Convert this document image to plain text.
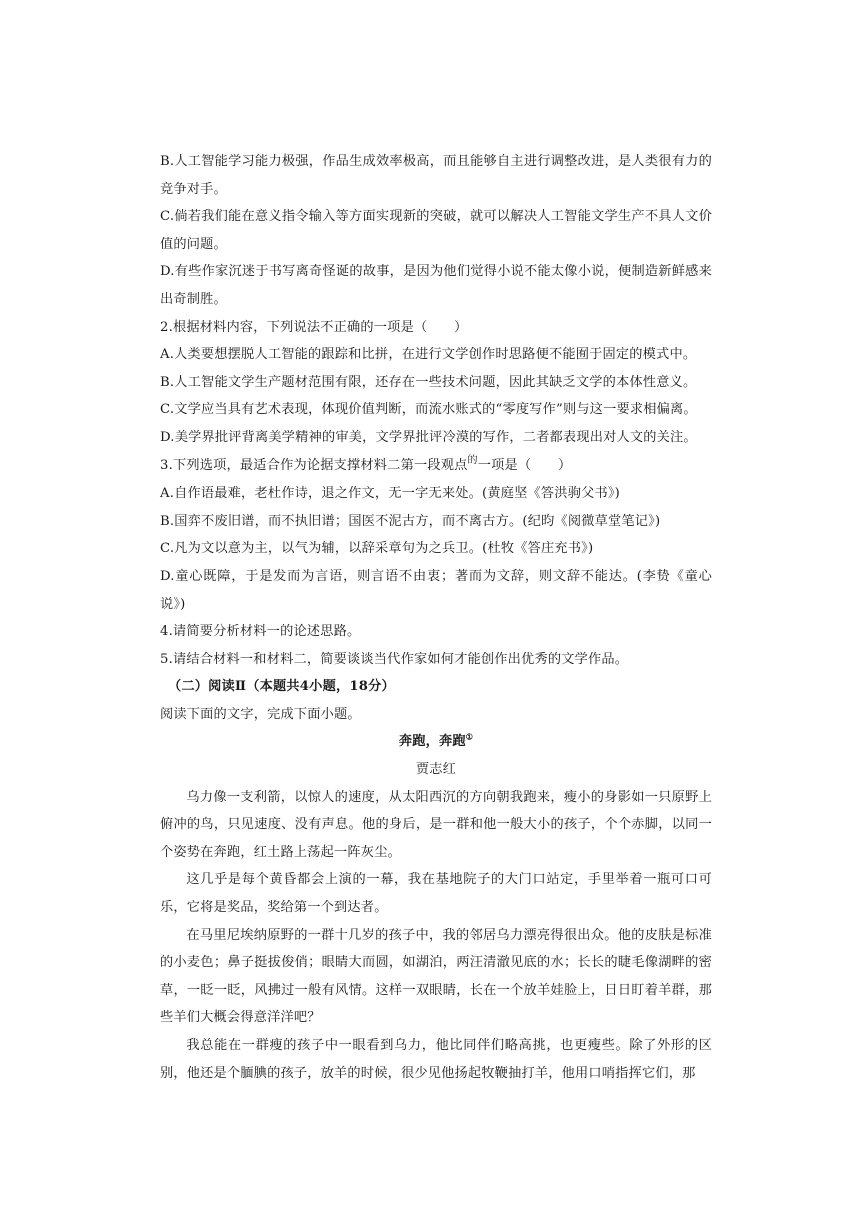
B.人工智能学习能力极强，作品生成效率极高，而且能够自主进行调整改进，是人类很有力的竞争对手。

C.倘若我们能在意义指令输入等方面实现新的突破，就可以解决人工智能文学生产不具人文价值的问题。

D.有些作家沉迷于书写离奇怪诞的故事，是因为他们觉得小说不能太像小说，便制造新鲜感来出奇制胜。

2.根据材料内容，下列说法不正确的一项是（　　）

A.人类要想摆脱人工智能的跟踪和比拼，在进行文学创作时思路便不能囿于固定的模式中。

B.人工智能文学生产题材范围有限，还存在一些技术问题，因此其缺乏文学的本体性意义。

C.文学应当具有艺术表现，体现价值判断，而流水账式的“零度写作”则与这一要求相偏离。

D.美学界批评背离美学精神的审美，文学界批评冷漠的写作，二者都表现出对人文的关注。

3.下列选项，最适合作为论据支撑材料二第一段观点$^的$一项是（　　）

A.自作语最难，老杜作诗，退之作文，无一字无来处。(黄庭坚《答洪驹父书》)

B.国弈不废旧谱，而不执旧谱；国医不泥古方，而不离古方。(纪昀《阅微草堂笔记》)

C.凡为文以意为主，以气为辅，以辞采章句为之兵卫。(杜牧《答庄充书》)

D.童心既障，于是发而为言语，则言语不由衷；著而为文辞，则文辞不能达。(李贽《童心说》)

4.请简要分析材料一的论述思路。

5.请结合材料一和材料二，简要谈谈当代作家如何才能创作出优秀的文学作品。

（二）阅读Ⅱ（本题共4小题，18分）

阅读下面的文字，完成下面小题。

奔跑，奔跑①

贾志红

乌力像一支利箭，以惊人的速度，从太阳西沉的方向朝我跑来，瘦小的身影如一只原野上俯冲的鸟，只见速度、没有声息。他的身后，是一群和他一般大小的孩子，个个赤脚，以同一个姿势在奔跑，红土路上荡起一阵灰尘。

这几乎是每个黄昏都会上演的一幕，我在基地院子的大门口站定，手里举着一瓶可口可乐，它将是奖品，奖给第一个到达者。

在马里尼埃纳原野的一群十几岁的孩子中，我的邻居乌力漂亮得很出众。他的皮肤是标准的小麦色；鼻子挺拔俊俏；眼睛大而圆，如湖泊，两汪清澈见底的水；长长的睫毛像湖畔的密草，一眨一眨，风拂过一般有风情。这样一双眼睛，长在一个放羊娃脸上，日日盯着羊群，那些羊们大概会得意洋洋吧？

我总能在一群瘦的孩子中一眼看到乌力，他比同伴们略高挑，也更瘦些。除了外形的区别，他还是个腼腆的孩子，放羊的时候，很少见他扬起牧鞭抽打羊，他用口哨指挥它们，那
